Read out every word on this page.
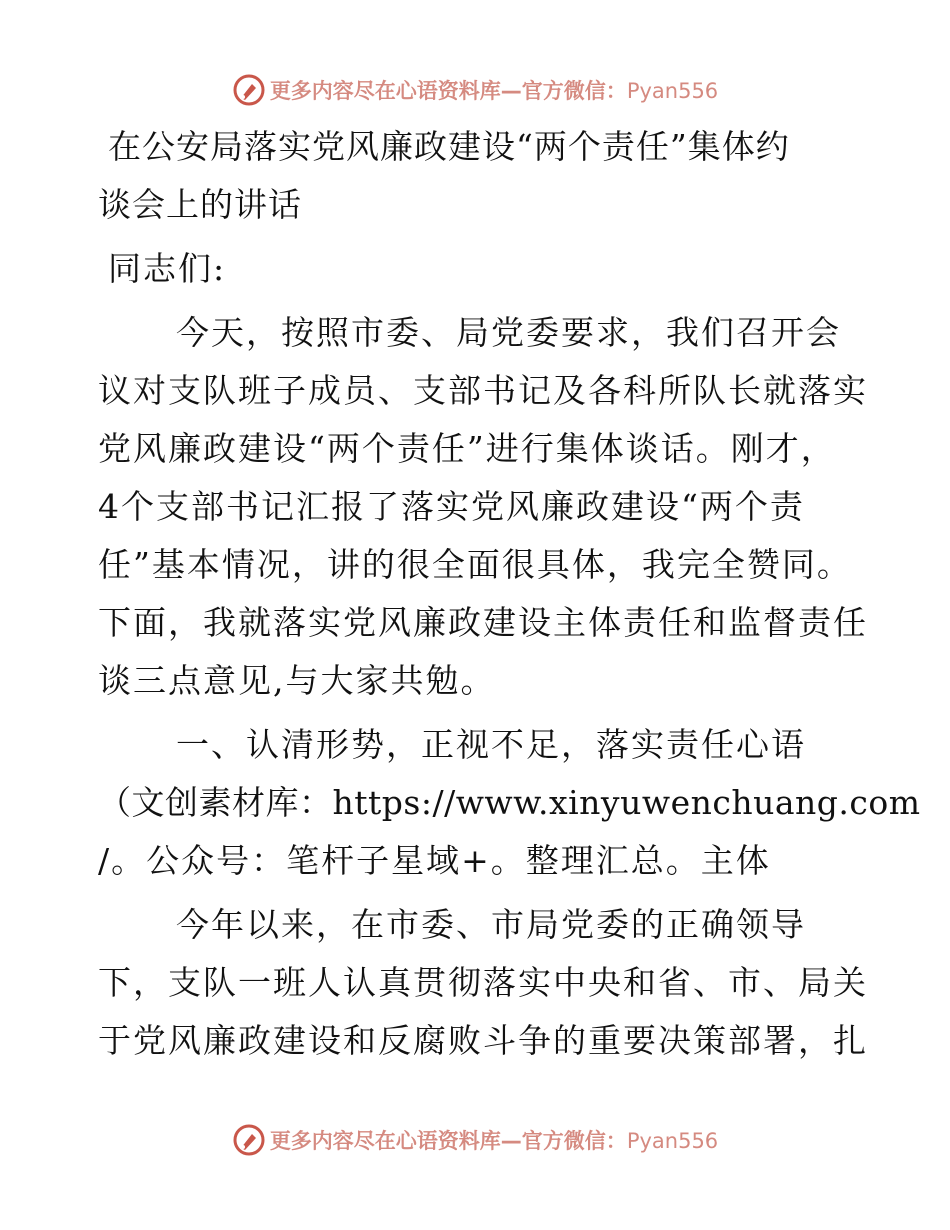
更多内容尽在心语资料库—官方微信：Pyan556
在公安局落实党风廉政建设“两个责任”集体约
谈会上的讲话
同志们:
今天，按照市委、局党委要求，我们召开会
议对支队班子成员、支部书记及各科所队长就落实
党风廉政建设“两个责任”进行集体谈话。刚才，
4个支部书记汇报了落实党风廉政建设“两个责
任”基本情况，讲的很全面很具体，我完全赞同。
下面，我就落实党风廉政建设主体责任和监督责任
谈三点意见,与大家共勉。
一、认清形势，正视不足，落实责任心语
（文创素材库：https://www.xinyuwenchuang.com
/。公众号：笔杆子星域+。整理汇总。主体
今年以来，在市委、市局党委的正确领导
下，支队一班人认真贯彻落实中央和省、市、局关
于党风廉政建设和反腐败斗争的重要决策部署，扎
更多内容尽在心语资料库—官方微信：Pyan556
